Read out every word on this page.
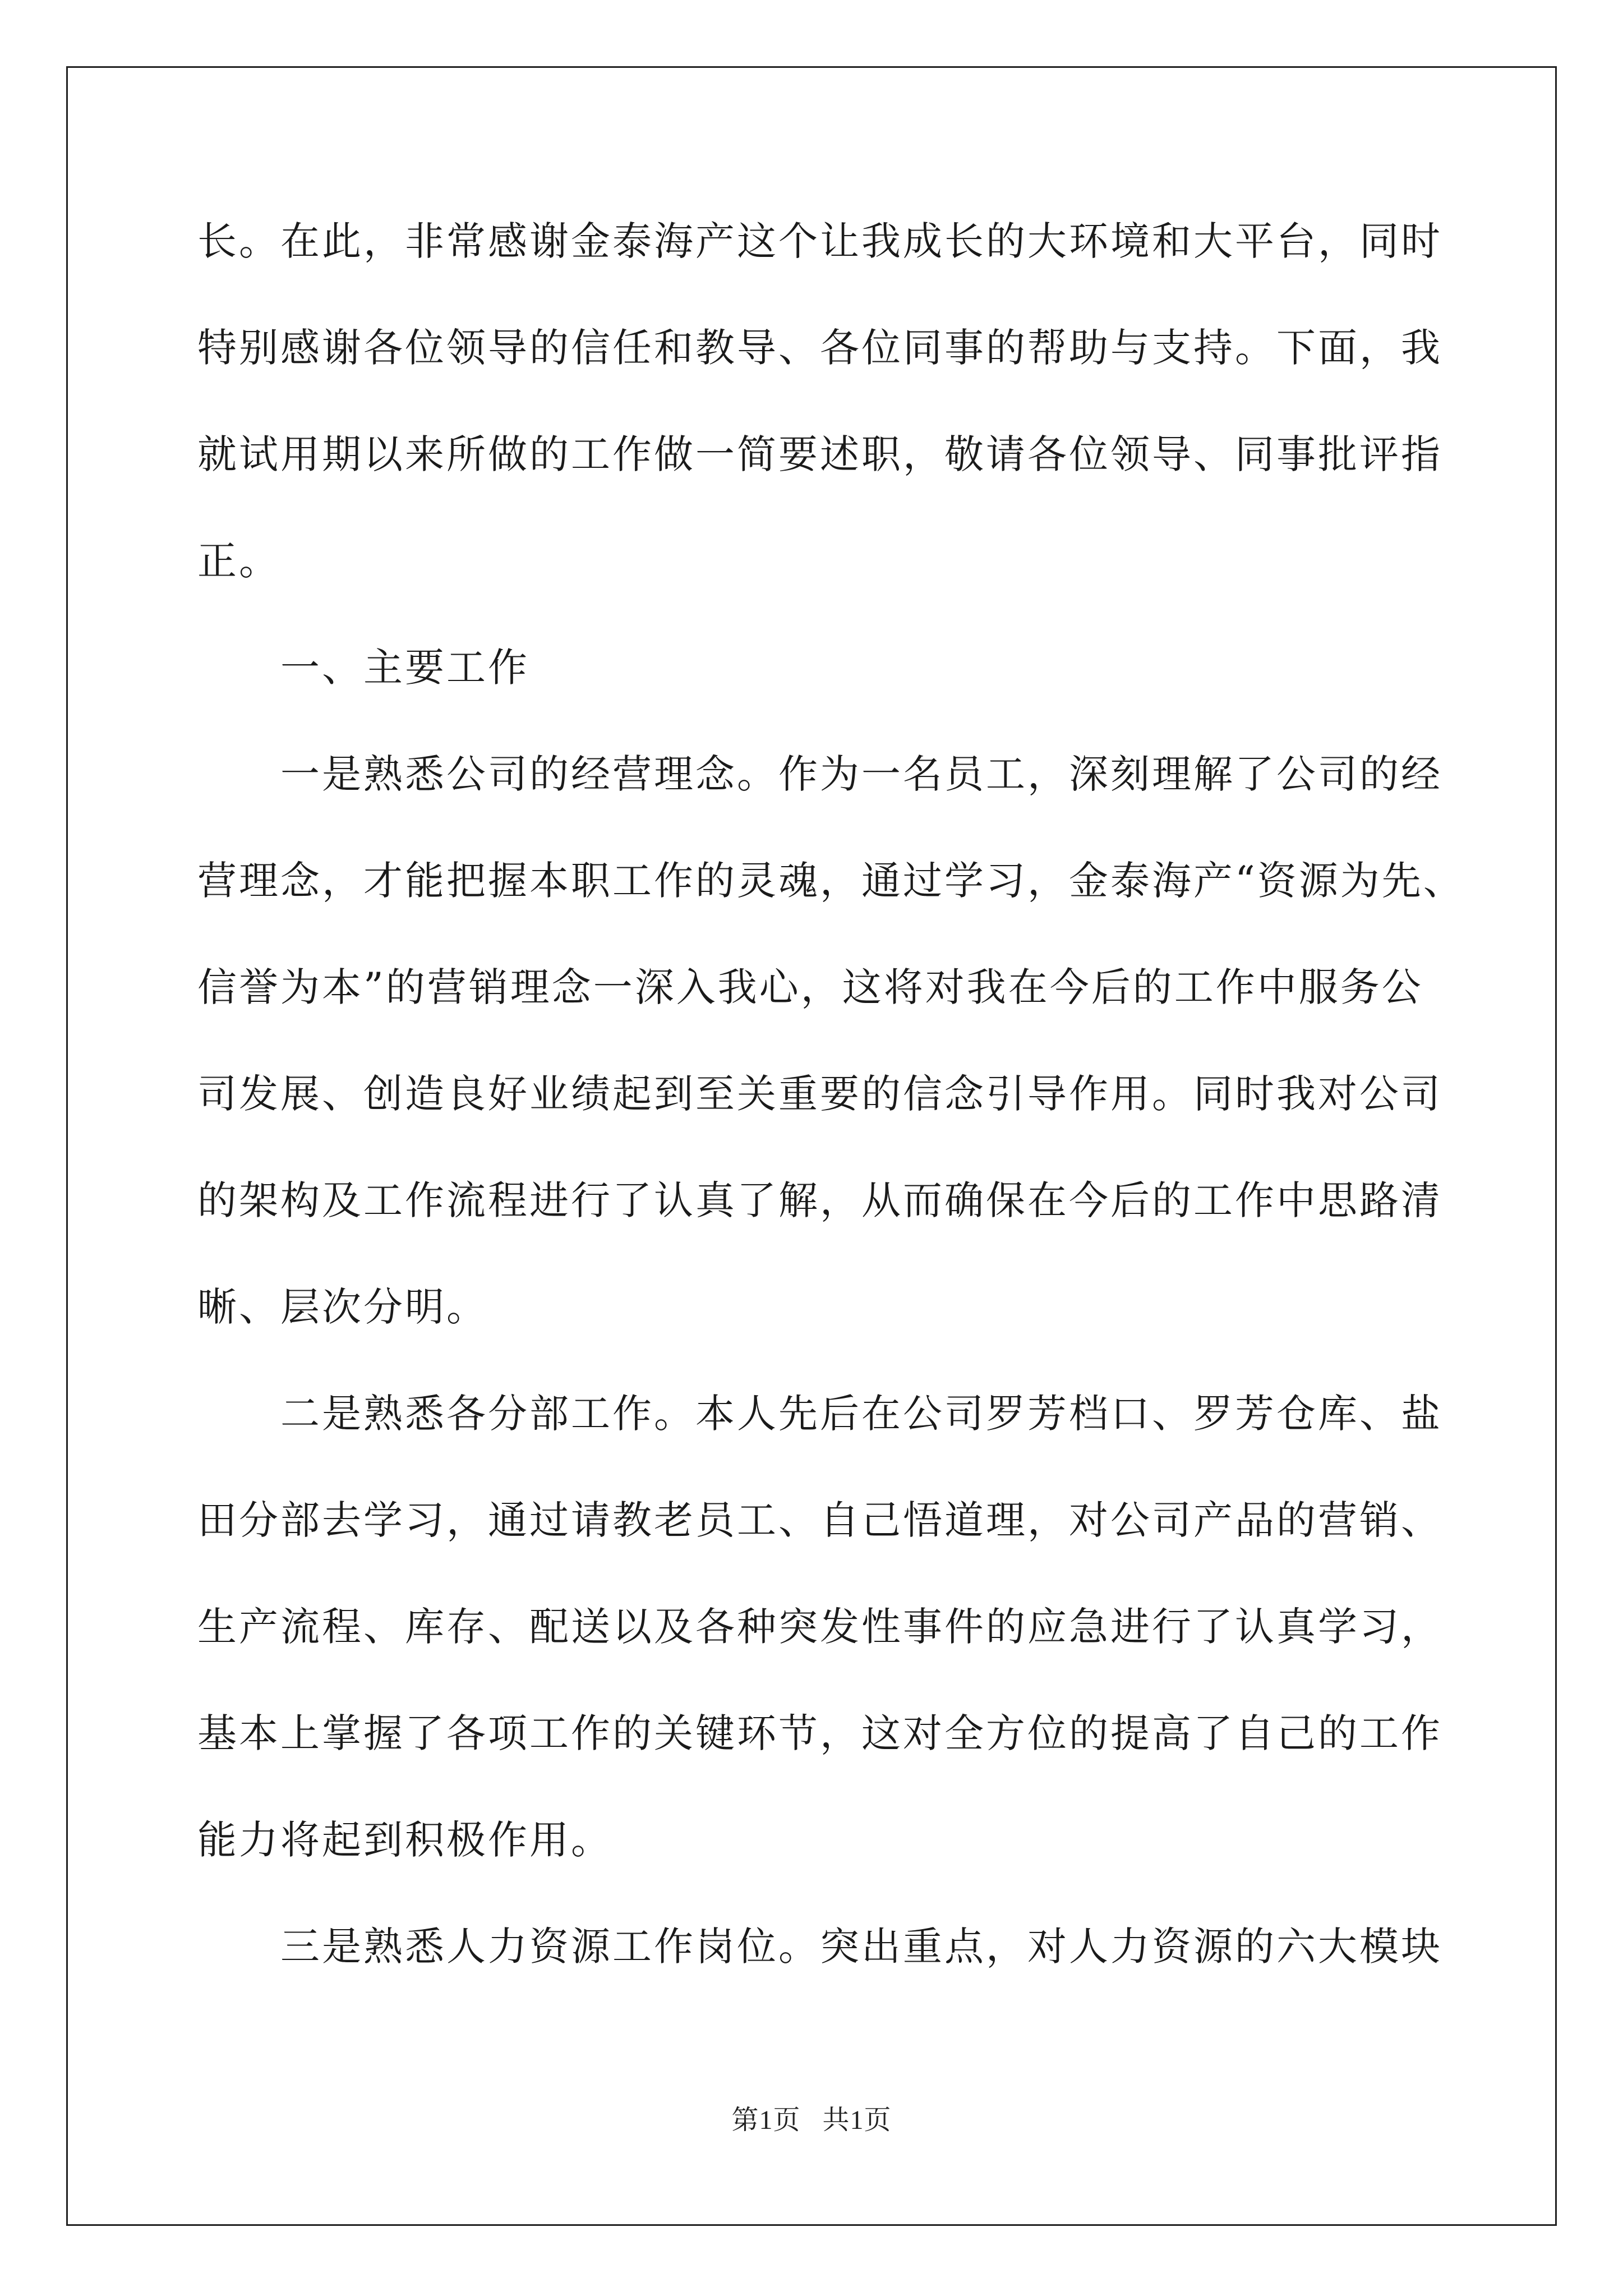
长。在此，非常感谢金泰海产这个让我成长的大环境和大平台，同时
特别感谢各位领导的信任和教导、各位同事的帮助与支持。下面，我
就试用期以来所做的工作做一简要述职，敬请各位领导、同事批评指
正。
一、主要工作
一是熟悉公司的经营理念。作为一名员工，深刻理解了公司的经
营理念，才能把握本职工作的灵魂，通过学习，金泰海产“资源为先、
信誉为本”的营销理念一深入我心，这将对我在今后的工作中服务公
司发展、创造良好业绩起到至关重要的信念引导作用。同时我对公司
的架构及工作流程进行了认真了解，从而确保在今后的工作中思路清
晰、层次分明。
二是熟悉各分部工作。本人先后在公司罗芳档口、罗芳仓库、盐
田分部去学习，通过请教老员工、自己悟道理，对公司产品的营销、
生产流程、库存、配送以及各种突发性事件的应急进行了认真学习，
基本上掌握了各项工作的关键环节，这对全方位的提高了自己的工作
能力将起到积极作用。
三是熟悉人力资源工作岗位。突出重点，对人力资源的六大模块
第1页   共1页
